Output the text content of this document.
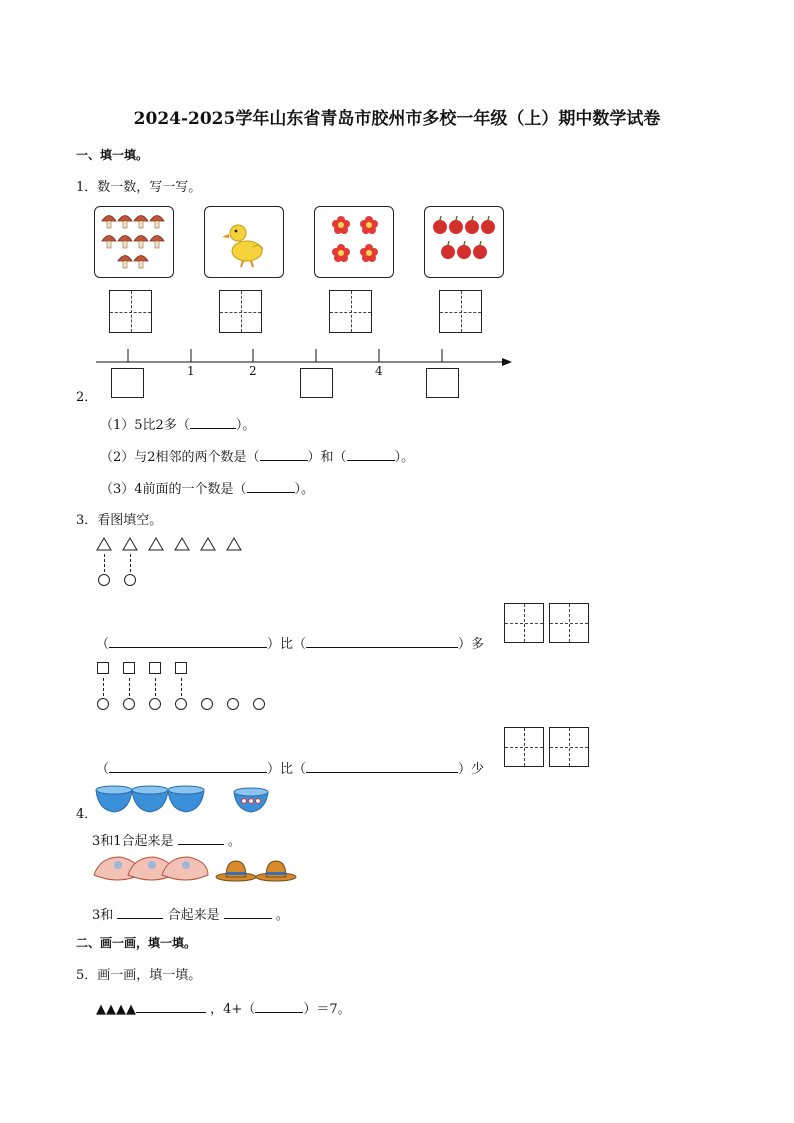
2024-2025学年山东省青岛市胶州市多校一年级（上）期中数学试卷
一、填一填。
1．数一数，写一写。
1	2	4
2．
（1）5比2多（	）。
（2）与2相邻的两个数是（	）和（	）。
（3）4前面的一个数是（	）。
3．看图填空。
（	）比（	）多
（	）比（	）少
4．
3和1合起来是	。
3和	合起来是	。
二、画一画，填一填。
5．画一画，填一填。
▲▲▲▲	，4+（	）＝7。
